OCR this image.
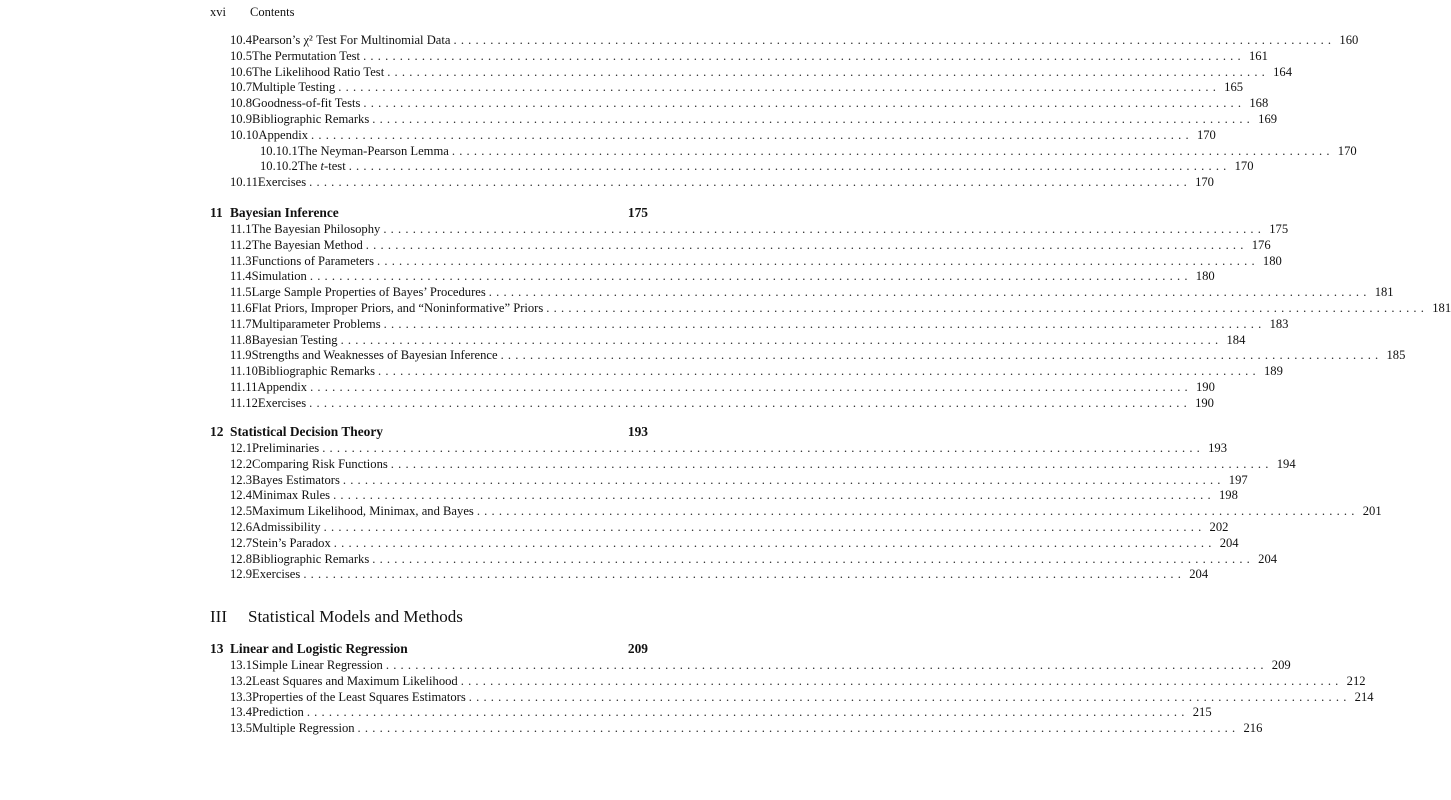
xvi Contents
10.4 Pearson’s χ² Test For Multinomial Data ........................................................................................................................ 160
10.5 The Permutation Test ........................................................................................................................ 161
10.6 The Likelihood Ratio Test ........................................................................................................................ 164
10.7 Multiple Testing ........................................................................................................................ 165
10.8 Goodness-of-fit Tests ........................................................................................................................ 168
10.9 Bibliographic Remarks ........................................................................................................................ 169
10.10 Appendix ........................................................................................................................ 170
10.10.1 The Neyman-Pearson Lemma ........................................................................................................................ 170
10.10.2 The t-test ........................................................................................................................ 170
10.11 Exercises ........................................................................................................................ 170
11 Bayesian Inference	175
11.1 The Bayesian Philosophy ........................................................................................................................ 175
11.2 The Bayesian Method ........................................................................................................................ 176
11.3 Functions of Parameters ........................................................................................................................ 180
11.4 Simulation ........................................................................................................................ 180
11.5 Large Sample Properties of Bayes’ Procedures ........................................................................................................................ 181
11.6 Flat Priors, Improper Priors, and “Noninformative” Priors ........................................................................................................................ 181
11.7 Multiparameter Problems ........................................................................................................................ 183
11.8 Bayesian Testing ........................................................................................................................ 184
11.9 Strengths and Weaknesses of Bayesian Inference ........................................................................................................................ 185
11.10 Bibliographic Remarks ........................................................................................................................ 189
11.11 Appendix ........................................................................................................................ 190
11.12 Exercises ........................................................................................................................ 190
12 Statistical Decision Theory	193
12.1 Preliminaries ........................................................................................................................ 193
12.2 Comparing Risk Functions ........................................................................................................................ 194
12.3 Bayes Estimators ........................................................................................................................ 197
12.4 Minimax Rules ........................................................................................................................ 198
12.5 Maximum Likelihood, Minimax, and Bayes ........................................................................................................................ 201
12.6 Admissibility ........................................................................................................................ 202
12.7 Stein’s Paradox ........................................................................................................................ 204
12.8 Bibliographic Remarks ........................................................................................................................ 204
12.9 Exercises ........................................................................................................................ 204
III	Statistical Models and Methods
13 Linear and Logistic Regression	209
13.1 Simple Linear Regression ........................................................................................................................ 209
13.2 Least Squares and Maximum Likelihood ........................................................................................................................ 212
13.3 Properties of the Least Squares Estimators ........................................................................................................................ 214
13.4 Prediction ........................................................................................................................ 215
13.5 Multiple Regression ........................................................................................................................ 216
